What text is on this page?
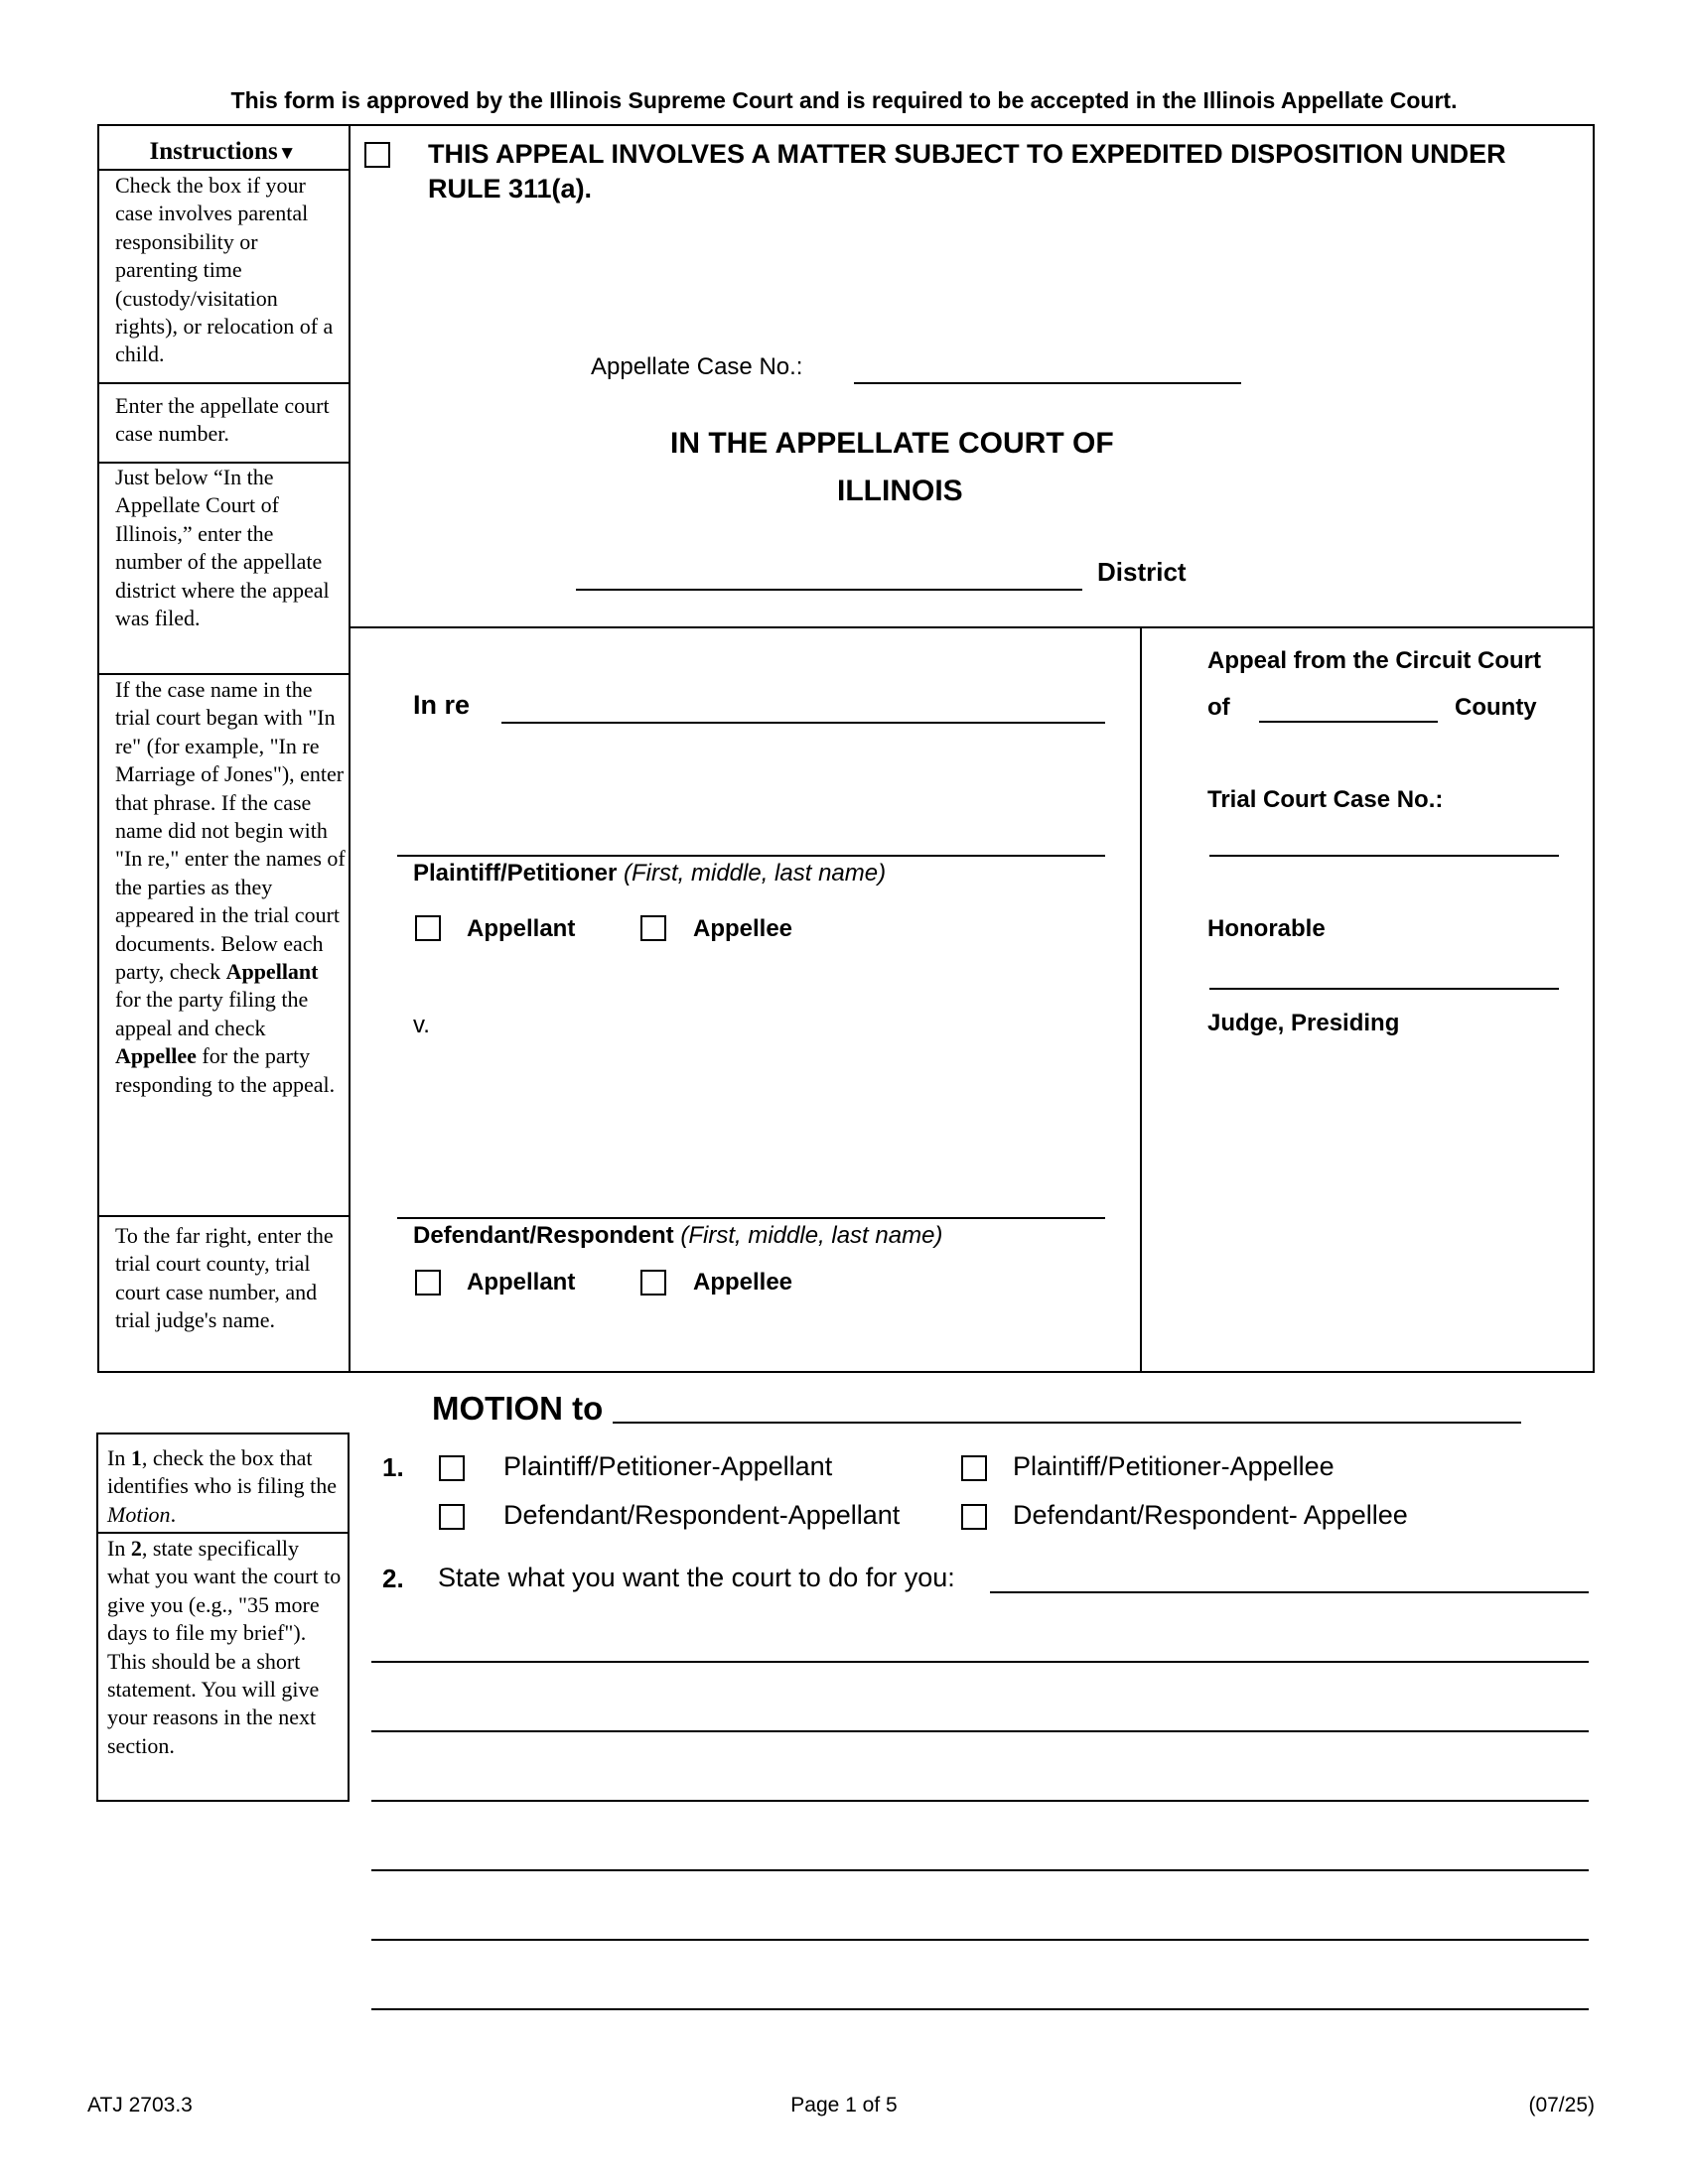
This form is approved by the Illinois Supreme Court and is required to be accepted in the Illinois Appellate Court.
Instructions▼
Check the box if your case involves parental responsibility or parenting time (custody/visitation rights), or relocation of a child.
Enter the appellate court case number.
Just below “In the Appellate Court of Illinois,” enter the number of the appellate district where the appeal was filed.
If the case name in the trial court began with "In re" (for example, "In re Marriage of Jones"), enter that phrase. If the case name did not begin with "In re," enter the names of the parties as they appeared in the trial court documents. Below each party, check Appellant for the party filing the appeal and check Appellee for the party responding to the appeal.
To the far right, enter the trial court county, trial court case number, and trial judge's name.
THIS APPEAL INVOLVES A MATTER SUBJECT TO EXPEDITED DISPOSITION UNDER
RULE 311(a).
Appellate Case No.:
IN THE APPELLATE COURT OF
ILLINOIS
District
In re
Plaintiff/Petitioner (First, middle, last name)
Appellant	Appellee
v.
Defendant/Respondent (First, middle, last name)
Appellant	Appellee
Appeal from the Circuit Court
of	County
Trial Court Case No.:
Honorable
Judge, Presiding
MOTION to
In 1, check the box that identifies who is filing the Motion.
In 2, state specifically what you want the court to give you (e.g., "35 more days to file my brief"). This should be a short statement. You will give your reasons in the next section.
1.	Plaintiff/Petitioner-Appellant	Plaintiff/Petitioner-Appellee
Defendant/Respondent-Appellant	Defendant/Respondent- Appellee
2. State what you want the court to do for you:
ATJ 2703.3	Page 1 of 5	(07/25)
